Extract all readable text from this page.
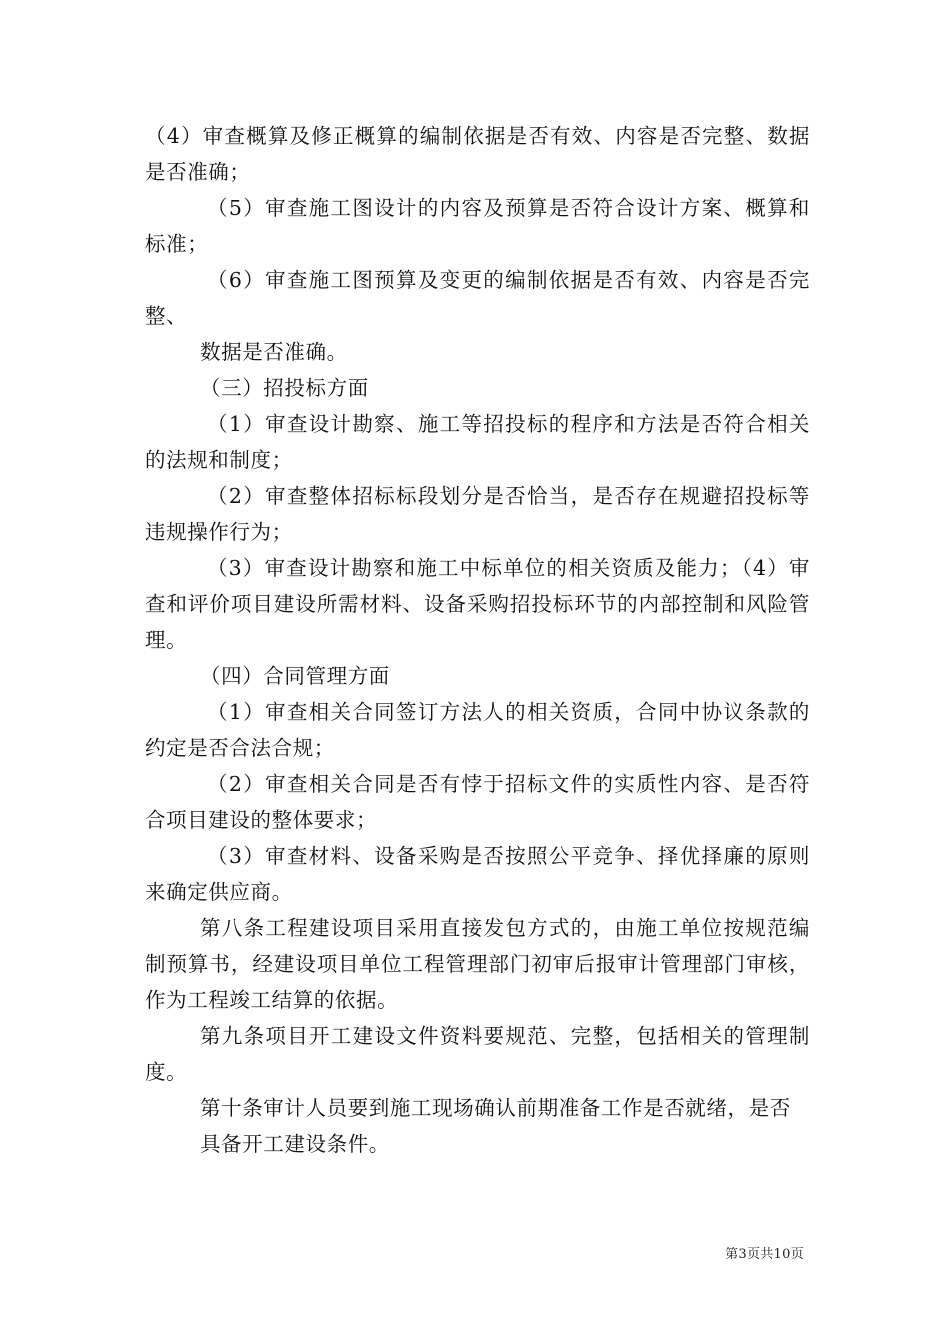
（4）审查概算及修正概算的编制依据是否有效、内容是否完整、数据是否准确；

（5）审查施工图设计的内容及预算是否符合设计方案、概算和标准；

（6）审查施工图预算及变更的编制依据是否有效、内容是否完整、

数据是否准确。

（三）招投标方面

（1）审查设计勘察、施工等招投标的程序和方法是否符合相关的法规和制度；

（2）审查整体招标标段划分是否恰当，是否存在规避招投标等违规操作行为；

（3）审查设计勘察和施工中标单位的相关资质及能力；（4）审查和评价项目建设所需材料、设备采购招投标环节的内部控制和风险管理。

（四）合同管理方面

（1）审查相关合同签订方法人的相关资质，合同中协议条款的约定是否合法合规；

（2）审查相关合同是否有悖于招标文件的实质性内容、是否符合项目建设的整体要求；

（3）审查材料、设备采购是否按照公平竞争、择优择廉的原则来确定供应商。

第八条工程建设项目采用直接发包方式的，由施工单位按规范编制预算书，经建设项目单位工程管理部门初审后报审计管理部门审核，作为工程竣工结算的依据。

第九条项目开工建设文件资料要规范、完整，包括相关的管理制度。

第十条审计人员要到施工现场确认前期准备工作是否就绪，是否

具备开工建设条件。

第3页共10页
